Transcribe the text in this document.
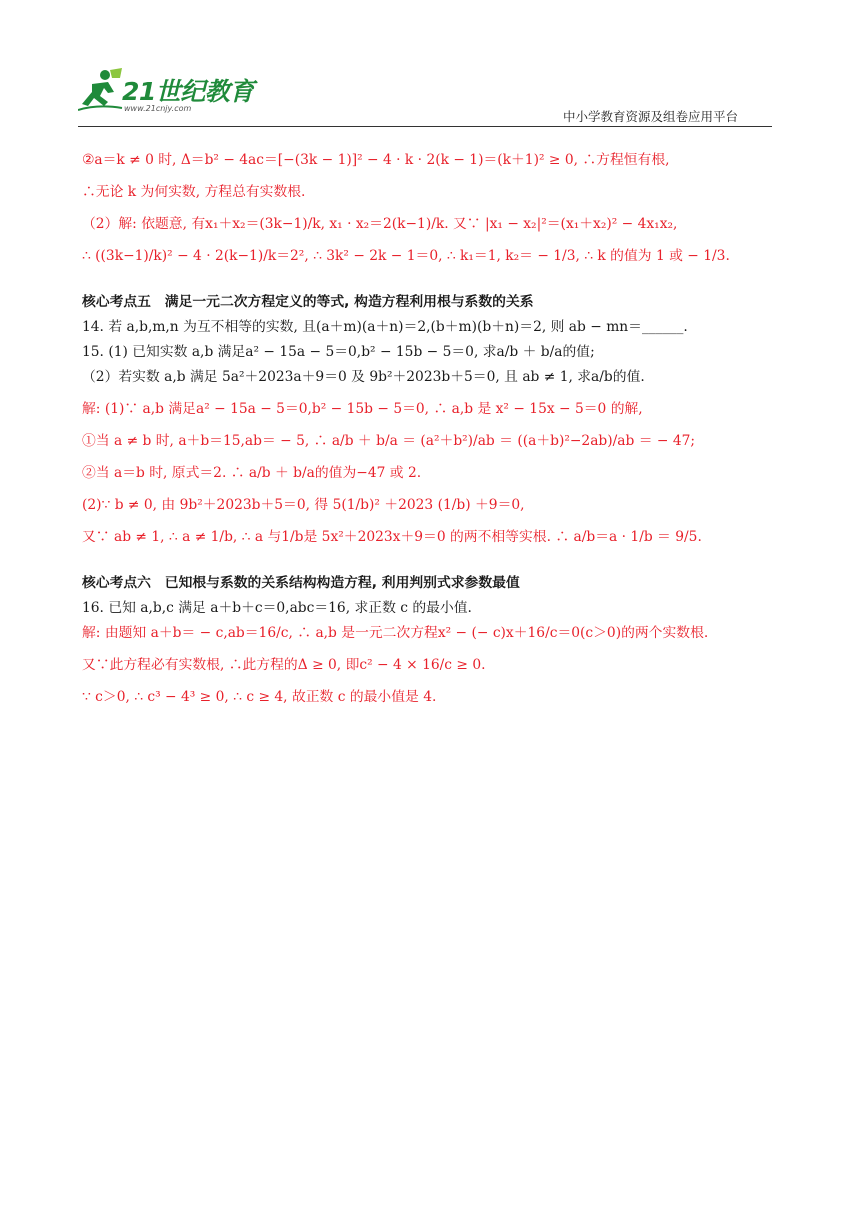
21世纪教育
www.21cnjy.com
中小学教育资源及组卷应用平台

②a＝k ≠ 0 时, Δ＝b² − 4ac＝[−(3k − 1)]² − 4 · k · 2(k − 1)＝(k＋1)² ≥ 0, ∴方程恒有根,

∴无论 k 为何实数, 方程总有实数根.

（2）解: 依题意, 有x₁＋x₂＝(3k−1)/k, x₁ · x₂＝2(k−1)/k. 又∵ |x₁ − x₂|²＝(x₁＋x₂)² − 4x₁x₂,

∴ ((3k−1)/k)² − 4 · 2(k−1)/k＝2², ∴ 3k² − 2k − 1＝0, ∴ k₁＝1, k₂＝ − 1/3, ∴ k 的值为 1 或 − 1/3.

核心考点五　满足一元二次方程定义的等式, 构造方程利用根与系数的关系

14. 若 a,b,m,n 为互不相等的实数, 且(a＋m)(a＋n)＝2,(b＋m)(b＋n)＝2, 则 ab − mn＝______.

15. (1) 已知实数 a,b 满足a² − 15a − 5＝0,b² − 15b − 5＝0, 求a/b ＋ b/a的值;

（2）若实数 a,b 满足 5a²＋2023a＋9＝0 及 9b²＋2023b＋5＝0, 且 ab ≠ 1, 求a/b的值.

解: (1)∵ a,b 满足a² − 15a − 5＝0,b² − 15b − 5＝0, ∴ a,b 是 x² − 15x − 5＝0 的解,

①当 a ≠ b 时, a＋b＝15,ab＝ − 5, ∴ a/b ＋ b/a ＝ (a²＋b²)/ab ＝ ((a＋b)²−2ab)/ab ＝ − 47;

②当 a＝b 时, 原式＝2. ∴ a/b ＋ b/a的值为−47 或 2.

(2)∵ b ≠ 0, 由 9b²＋2023b＋5＝0, 得 5(1/b)² ＋2023 (1/b) ＋9＝0,

又∵ ab ≠ 1, ∴ a ≠ 1/b, ∴ a 与1/b是 5x²＋2023x＋9＝0 的两不相等实根. ∴ a/b＝a · 1/b ＝ 9/5.

核心考点六　已知根与系数的关系结构构造方程, 利用判别式求参数最值

16. 已知 a,b,c 满足 a＋b＋c＝0,abc＝16, 求正数 c 的最小值.

解: 由题知 a＋b＝ − c,ab＝16/c, ∴ a,b 是一元二次方程x² − (− c)x＋16/c＝0(c＞0)的两个实数根.

又∵此方程必有实数根, ∴此方程的Δ ≥ 0, 即c² − 4 × 16/c ≥ 0.

∵ c＞0, ∴ c³ − 4³ ≥ 0, ∴ c ≥ 4, 故正数 c 的最小值是 4.
